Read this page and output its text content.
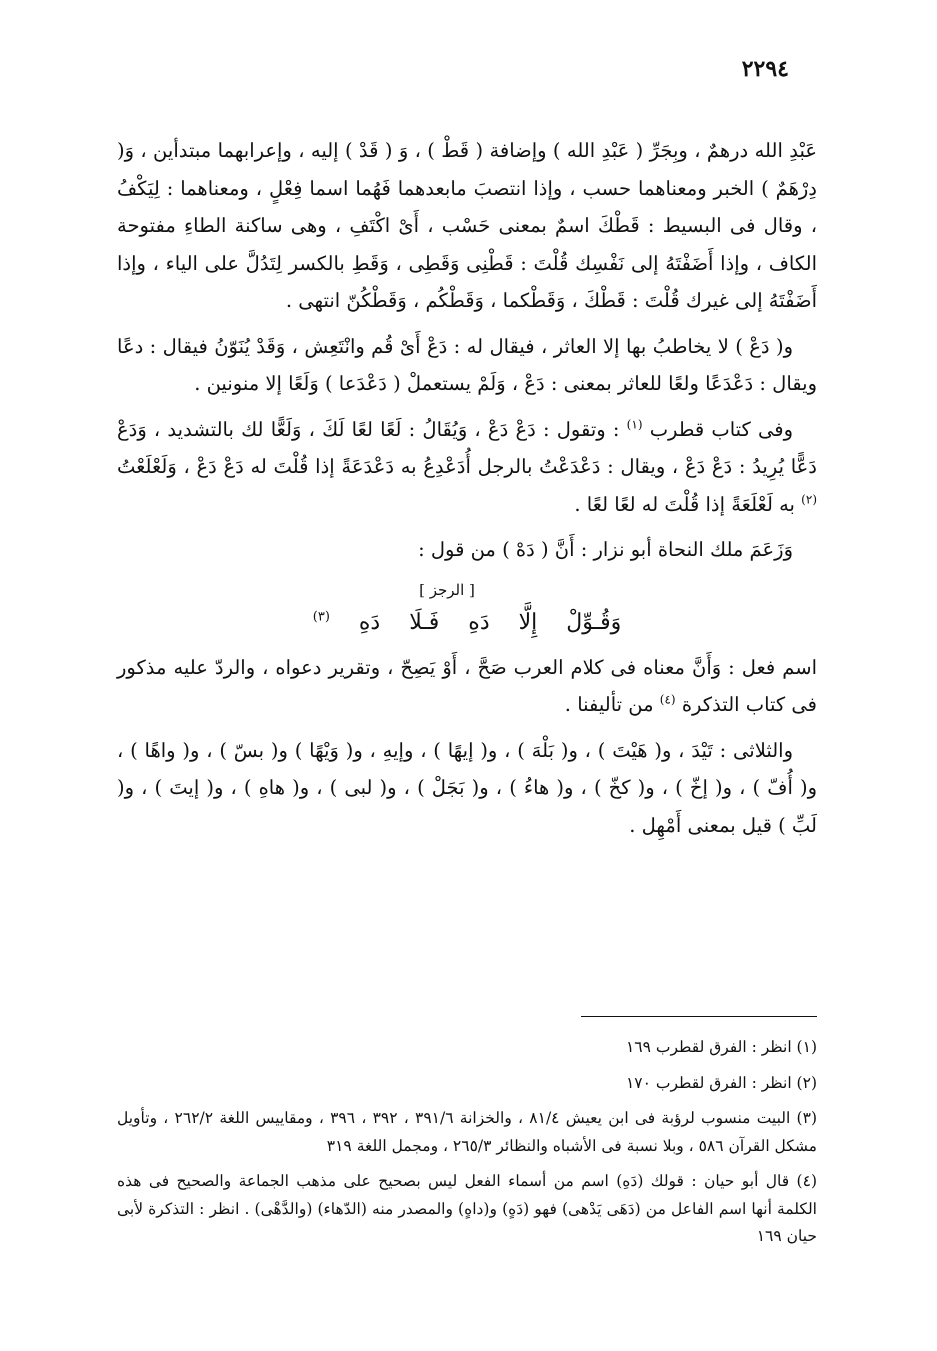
٢٢٩٤

عَبْدِ الله درهمٌ ، وبِجَرِّ ( عَبْدِ الله ) وإضافة ( قَطْ ) ، وَ ( قَدْ ) إليه ، وإعرابهما مبتدأين ، وَ( دِرْهَمٌ ) الخبر ومعناهما حسب ، وإذا انتصبَ مابعدهما فَهُما اسما فِعْلٍ ، ومعناهما : لِيَكْفُ ، وقال فى البسيط : قَطْكَ اسمٌ بمعنى حَسْب ، أَىْ اكْتَفِ ، وهى ساكنة الطاءِ مفتوحة الكاف ، وإذا أَضَفْتَهُ إلى نَفْسِك قُلْتَ : قَطْنِى وَقَطِى ، وَقَطِ بالكسر لِتَدُلَّ على الياء ، وإذا أَضَفْتَهُ إلى غيرك قُلْتَ : قَطْكَ ، وَقَطْكما ، وَقَطْكُم ، وَقَطْكُنّ انتهى .

و( دَعْ ) لا يخاطبُ بها إلا العاثر ، فيقال له : دَعْ أَىْ قُم وانْتَعِش ، وَقَدْ يُنَوّنُ فيقال : دعًا ويقال : دَعْدَعًا ولعًا للعاثر بمعنى : دَعْ ، وَلَمْ يستعملْ ( دَعْدَعا ) وَلَعًا إلا منونين .

وفى كتاب قطرب $^{(١)}$ : وتقول : دَعْ دَعْ ، وَيُقَالُ : لَعًا لعًا لَكَ ، وَلَعًّا لك بالتشديد ، وَدَعْ دَعًّا يُرِيدُ : دَعْ دَعْ ، ويقال : دَعْدَعْتُ بالرجل أُدَعْدِعُ به دَعْدَعَةً إذا قُلْتَ له دَعْ دَعْ ، وَلَعْلَعْتُ $^{(٢)}$ به لَعْلَعَةً إذا قُلْتَ له لعًا لعًا .

وَزَعَمَ ملك النحاة أبو نزار : أَنَّ ( دَهْ ) من قول :

[ الرجز ]

وَقُـوِّلْ إِلَّا دَهِ فَـلَا دَهِ $^{(٣)}$

اسم فعل : وَأَنَّ معناه فى كلام العرب صَحَّ ، أَوْ يَصِحّ ، وتقرير دعواه ، والردّ عليه مذكور فى كتاب التذكرة $^{(٤)}$ من تأليفنا .

والثلاثى : تَيْدَ ، و( هَيْتَ ) ، و( بَلْهَ ) ، و( إيهًا ) ، وإيهِ ، و( وَيْهًا ) و( بسّ ) ، و( واهًا ) ، و( أُفّ ) ، و( إخّ ) ، و( كخّ ) ، و( هاءُ ) ، و( بَجَلْ ) ، و( لبى ) ، و( هاهِ ) ، و( إيتَ ) ، و( لَبِّ ) قيل بمعنى أَمْهِل .

(١) انظر : الفرق لقطرب ١٦٩

(٢) انظر : الفرق لقطرب ١٧٠

(٣) البيت منسوب لرؤبة فى ابن يعيش ٨١/٤ ، والخزانة ٣٩١/٦ ، ٣٩٢ ، ٣٩٦ ، ومقاييس اللغة ٢٦٢/٢ ، وتأويل مشكل القرآن ٥٨٦ ، وبلا نسبة فى الأشباه والنظائر ٢٦٥/٣ ، ومجمل اللغة ٣١٩

(٤) قال أبو حيان : قولك (دَهِ) اسم من أسماء الفعل ليس بصحيح على مذهب الجماعة والصحيح فى هذه الكلمة أنها اسم الفاعل من (دَهَى يَدْهى) فهو (دَهٍ) و(داهٍ) والمصدر منه (الدّهاء) (والدَّهْى) . انظر : التذكرة لأبى حيان ١٦٩
